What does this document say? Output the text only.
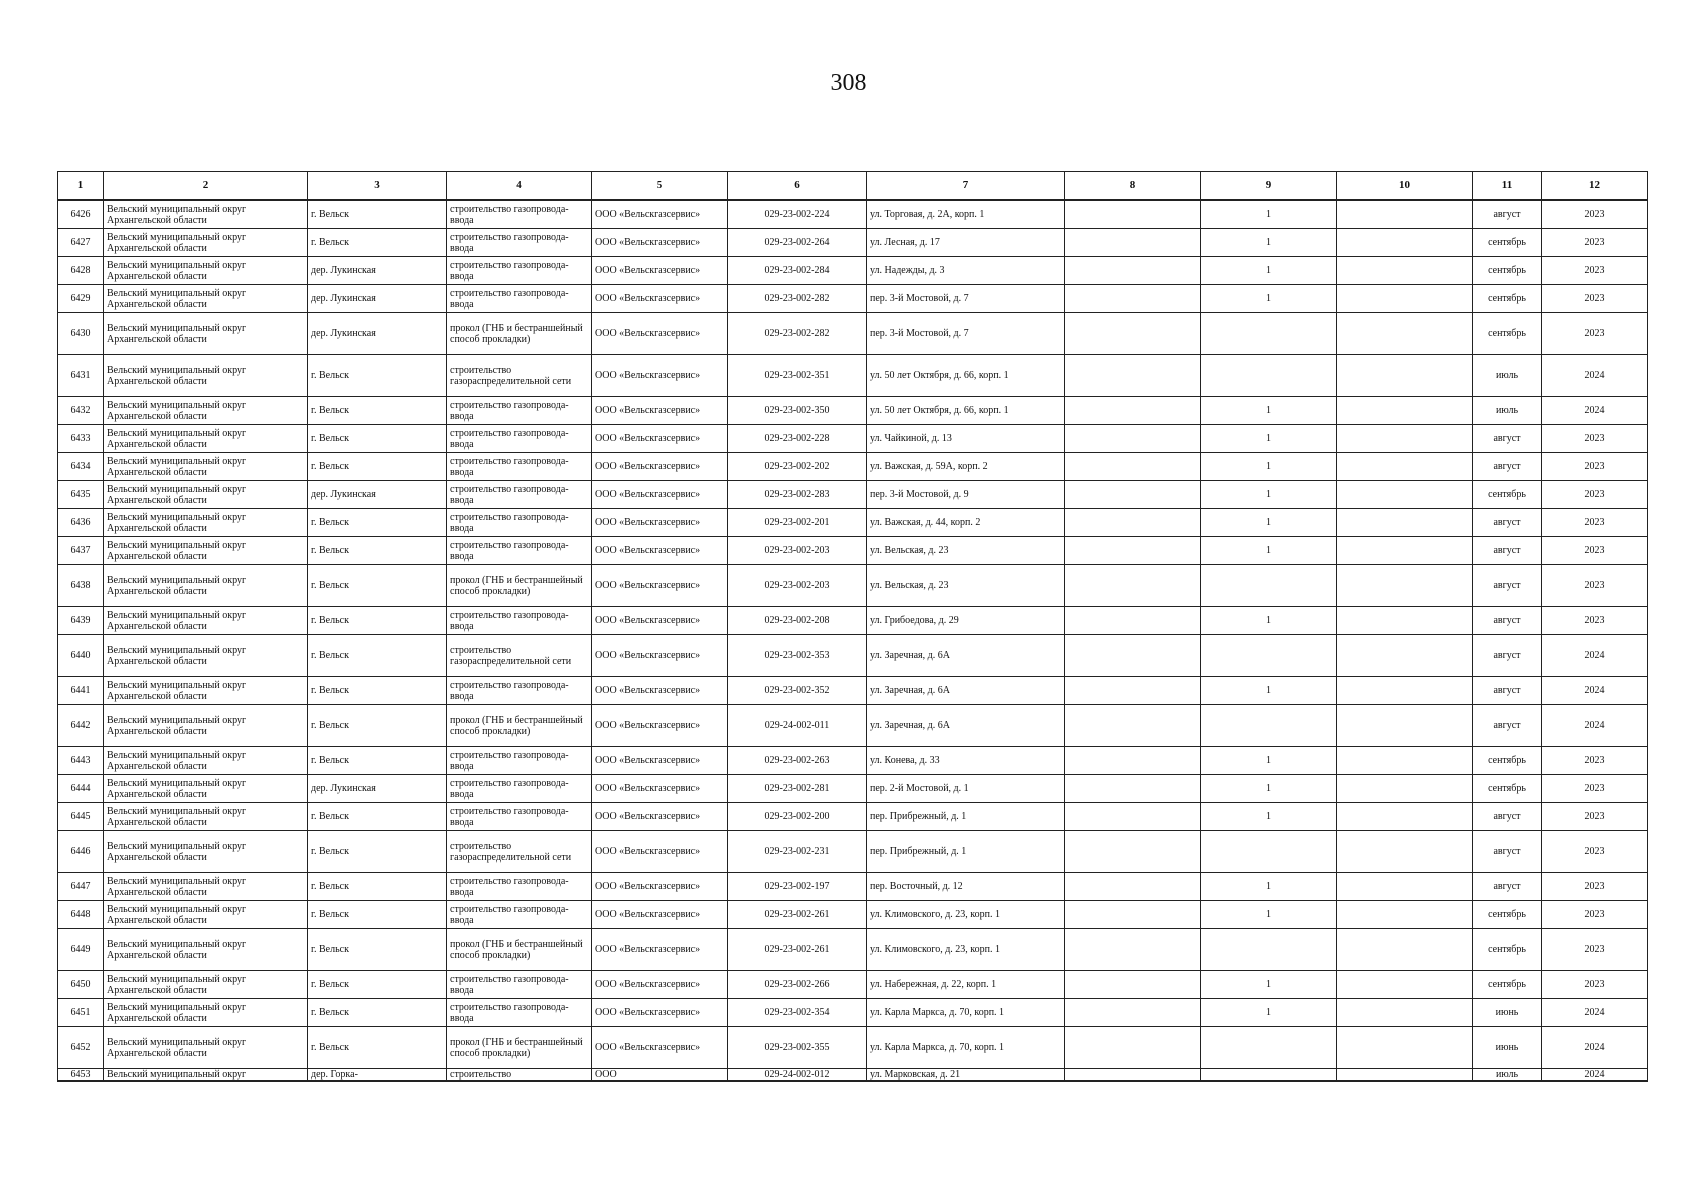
308
1	2	3	4	5	6	7	8	9	10	11	12
6426	Вельский муниципальный округ Архангельской области	г. Вельск	строительство газопровода-ввода	ООО «Вельскгазсервис»	029-23-002-224	ул. Торговая, д. 2А, корп. 1		1		август	2023
6427	Вельский муниципальный округ Архангельской области	г. Вельск	строительство газопровода-ввода	ООО «Вельскгазсервис»	029-23-002-264	ул. Лесная, д. 17		1		сентябрь	2023
6428	Вельский муниципальный округ Архангельской области	дер. Лукинская	строительство газопровода-ввода	ООО «Вельскгазсервис»	029-23-002-284	ул. Надежды, д. 3		1		сентябрь	2023
6429	Вельский муниципальный округ Архангельской области	дер. Лукинская	строительство газопровода-ввода	ООО «Вельскгазсервис»	029-23-002-282	пер. 3-й Мостовой, д. 7		1		сентябрь	2023
6430	Вельский муниципальный округ Архангельской области	дер. Лукинская	прокол (ГНБ и бестраншейный способ прокладки)	ООО «Вельскгазсервис»	029-23-002-282	пер. 3-й Мостовой, д. 7				сентябрь	2023
6431	Вельский муниципальный округ Архангельской области	г. Вельск	строительство газораспределительной сети	ООО «Вельскгазсервис»	029-23-002-351	ул. 50 лет Октября, д. 66, корп. 1				июль	2024
6432	Вельский муниципальный округ Архангельской области	г. Вельск	строительство газопровода-ввода	ООО «Вельскгазсервис»	029-23-002-350	ул. 50 лет Октября, д. 66, корп. 1		1		июль	2024
6433	Вельский муниципальный округ Архангельской области	г. Вельск	строительство газопровода-ввода	ООО «Вельскгазсервис»	029-23-002-228	ул. Чайкиной, д. 13		1		август	2023
6434	Вельский муниципальный округ Архангельской области	г. Вельск	строительство газопровода-ввода	ООО «Вельскгазсервис»	029-23-002-202	ул. Важская, д. 59А, корп. 2		1		август	2023
6435	Вельский муниципальный округ Архангельской области	дер. Лукинская	строительство газопровода-ввода	ООО «Вельскгазсервис»	029-23-002-283	пер. 3-й Мостовой, д. 9		1		сентябрь	2023
6436	Вельский муниципальный округ Архангельской области	г. Вельск	строительство газопровода-ввода	ООО «Вельскгазсервис»	029-23-002-201	ул. Важская, д. 44, корп. 2		1		август	2023
6437	Вельский муниципальный округ Архангельской области	г. Вельск	строительство газопровода-ввода	ООО «Вельскгазсервис»	029-23-002-203	ул. Вельская, д. 23		1		август	2023
6438	Вельский муниципальный округ Архангельской области	г. Вельск	прокол (ГНБ и бестраншейный способ прокладки)	ООО «Вельскгазсервис»	029-23-002-203	ул. Вельская, д. 23				август	2023
6439	Вельский муниципальный округ Архангельской области	г. Вельск	строительство газопровода-ввода	ООО «Вельскгазсервис»	029-23-002-208	ул. Грибоедова, д. 29		1		август	2023
6440	Вельский муниципальный округ Архангельской области	г. Вельск	строительство газораспределительной сети	ООО «Вельскгазсервис»	029-23-002-353	ул. Заречная, д. 6А				август	2024
6441	Вельский муниципальный округ Архангельской области	г. Вельск	строительство газопровода-ввода	ООО «Вельскгазсервис»	029-23-002-352	ул. Заречная, д. 6А		1		август	2024
6442	Вельский муниципальный округ Архангельской области	г. Вельск	прокол (ГНБ и бестраншейный способ прокладки)	ООО «Вельскгазсервис»	029-24-002-011	ул. Заречная, д. 6А				август	2024
6443	Вельский муниципальный округ Архангельской области	г. Вельск	строительство газопровода-ввода	ООО «Вельскгазсервис»	029-23-002-263	ул. Конева, д. 33		1		сентябрь	2023
6444	Вельский муниципальный округ Архангельской области	дер. Лукинская	строительство газопровода-ввода	ООО «Вельскгазсервис»	029-23-002-281	пер. 2-й Мостовой, д. 1		1		сентябрь	2023
6445	Вельский муниципальный округ Архангельской области	г. Вельск	строительство газопровода-ввода	ООО «Вельскгазсервис»	029-23-002-200	пер. Прибрежный, д. 1		1		август	2023
6446	Вельский муниципальный округ Архангельской области	г. Вельск	строительство газораспределительной сети	ООО «Вельскгазсервис»	029-23-002-231	пер. Прибрежный, д. 1				август	2023
6447	Вельский муниципальный округ Архангельской области	г. Вельск	строительство газопровода-ввода	ООО «Вельскгазсервис»	029-23-002-197	пер. Восточный, д. 12		1		август	2023
6448	Вельский муниципальный округ Архангельской области	г. Вельск	строительство газопровода-ввода	ООО «Вельскгазсервис»	029-23-002-261	ул. Климовского, д. 23, корп. 1		1		сентябрь	2023
6449	Вельский муниципальный округ Архангельской области	г. Вельск	прокол (ГНБ и бестраншейный способ прокладки)	ООО «Вельскгазсервис»	029-23-002-261	ул. Климовского, д. 23, корп. 1				сентябрь	2023
6450	Вельский муниципальный округ Архангельской области	г. Вельск	строительство газопровода-ввода	ООО «Вельскгазсервис»	029-23-002-266	ул. Набережная, д. 22, корп. 1		1		сентябрь	2023
6451	Вельский муниципальный округ Архангельской области	г. Вельск	строительство газопровода-ввода	ООО «Вельскгазсервис»	029-23-002-354	ул. Карла Маркса, д. 70, корп. 1		1		июнь	2024
6452	Вельский муниципальный округ Архангельской области	г. Вельск	прокол (ГНБ и бестраншейный способ прокладки)	ООО «Вельскгазсервис»	029-23-002-355	ул. Карла Маркса, д. 70, корп. 1				июнь	2024
6453	Вельский муниципальный округ	дер. Горка-	строительство	ООО	029-24-002-012	ул. Марковская, д. 21				июль	2024
